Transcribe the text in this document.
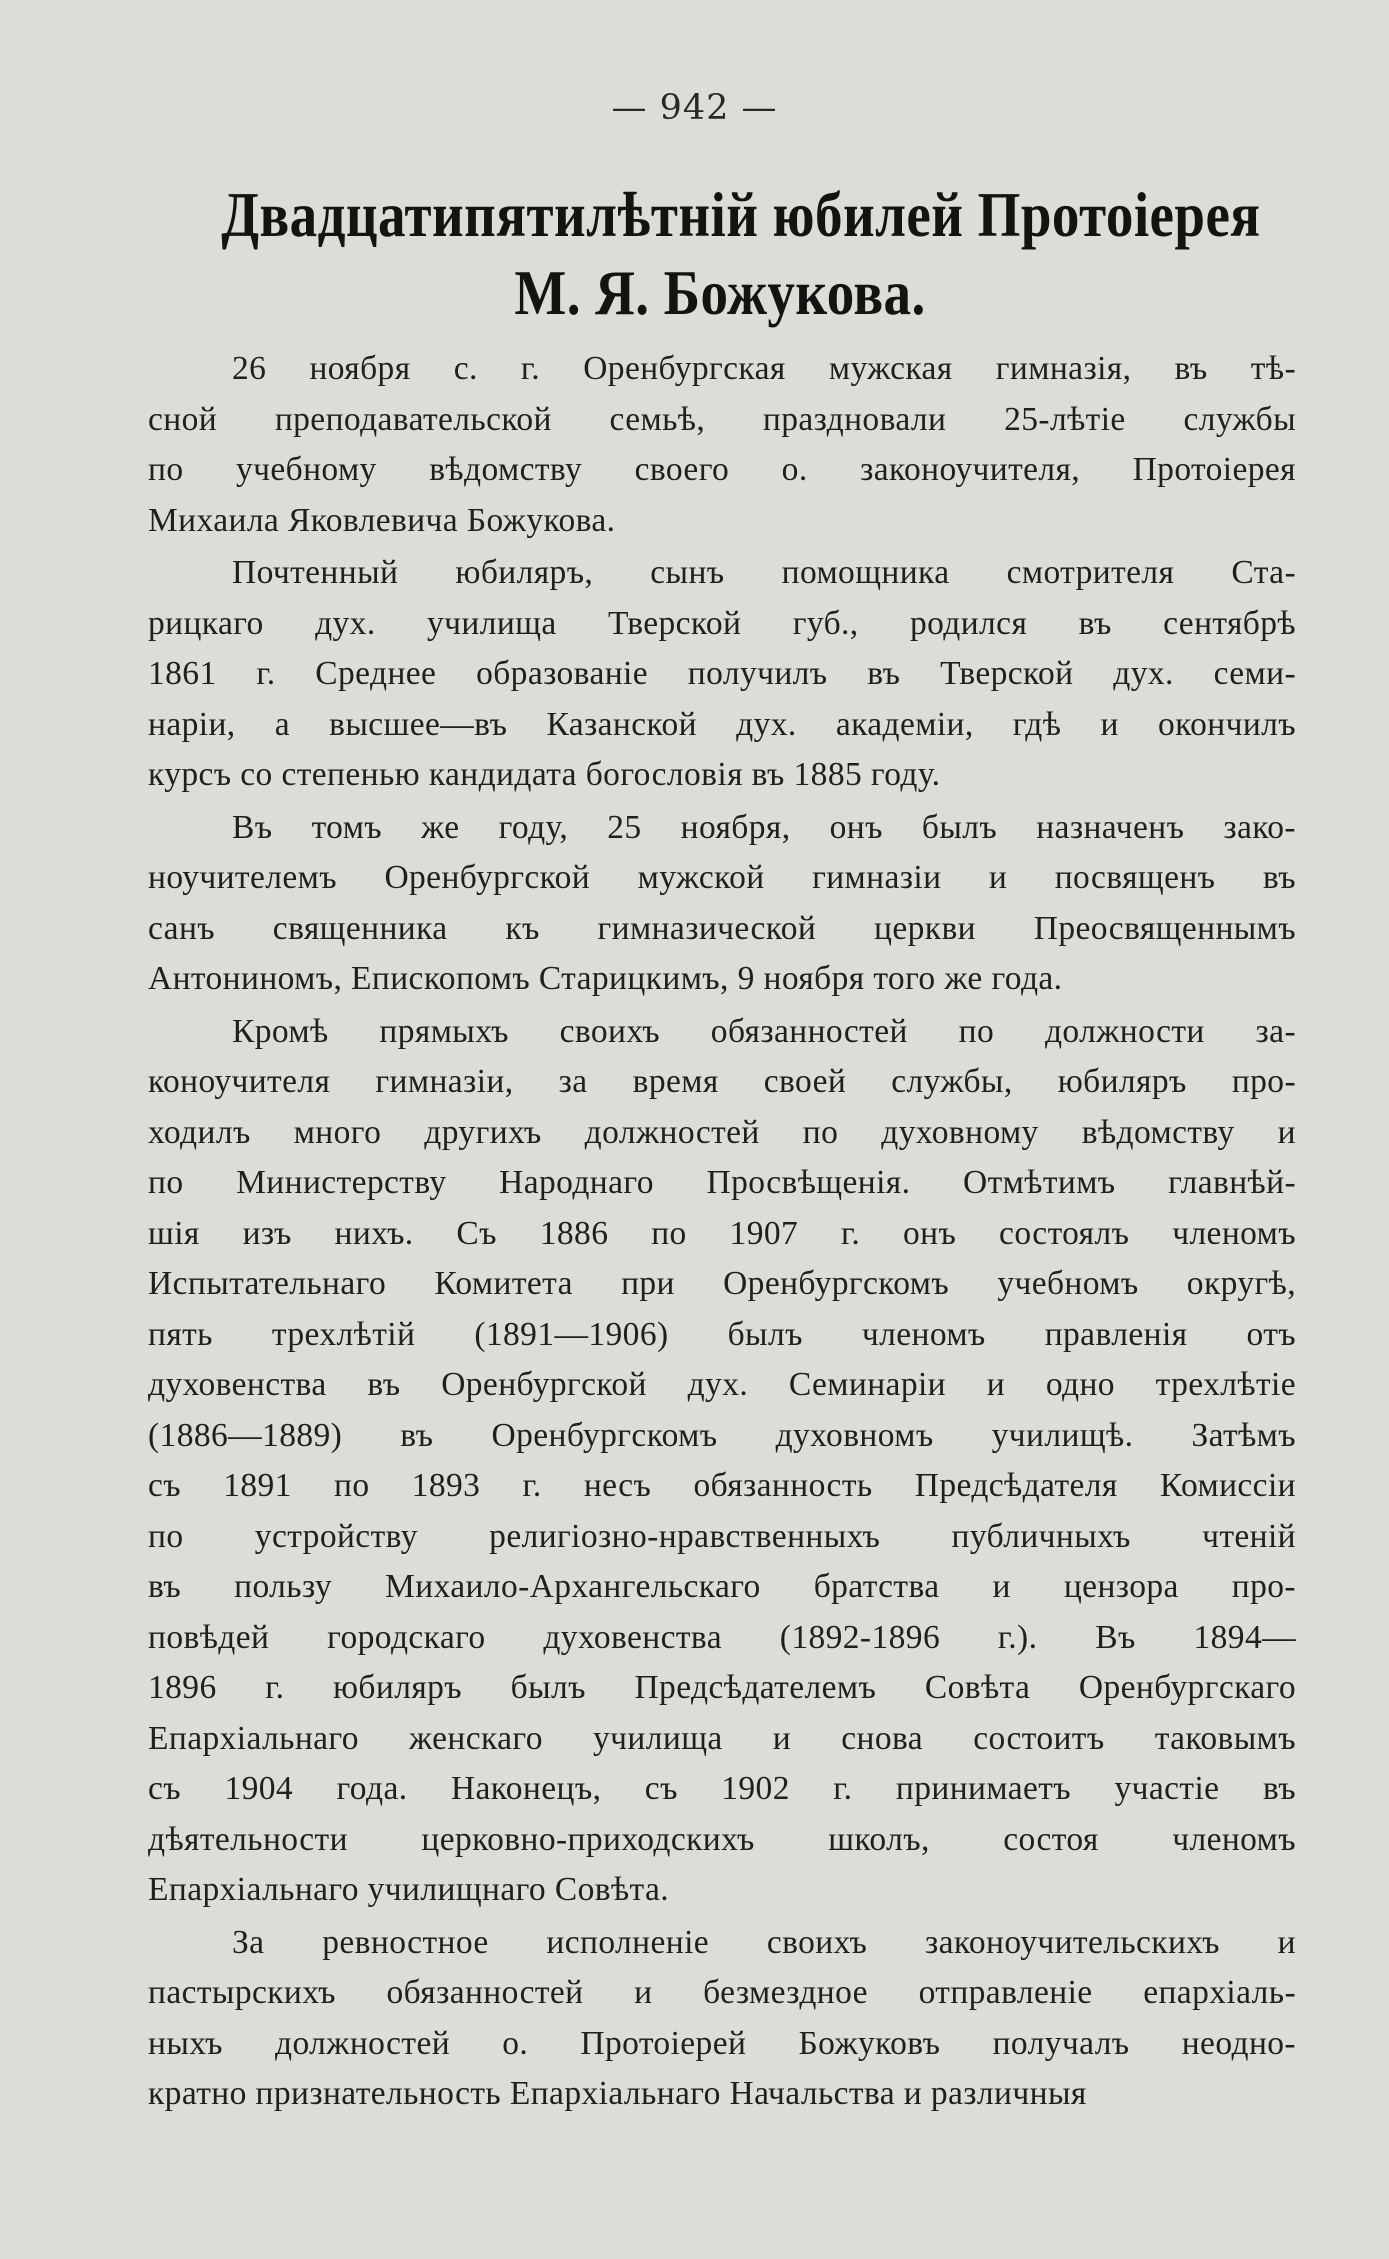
— 942 —
Двадцатипятилѣтній юбилей Протоіерея
М. Я. Божукова.
26 ноября с. г. Оренбургская мужская гимназія, въ тѣ-
сной преподавательской семьѣ, праздновали 25-лѣтіе службы
по учебному вѣдомству своего о. законоучителя, Протоіерея
Михаила Яковлевича Божукова.
Почтенный юбиляръ, сынъ помощника смотрителя Ста-
рицкаго дух. училища Тверской губ., родился въ сентябрѣ
1861 г. Среднее образованіе получилъ въ Тверской дух. семи-
наріи, а высшее—въ Казанской дух. академіи, гдѣ и окончилъ
курсъ со степенью кандидата богословія въ 1885 году.
Въ томъ же году, 25 ноября, онъ былъ назначенъ зако-
ноучителемъ Оренбургской мужской гимназіи и посвященъ въ
санъ священника къ гимназической церкви Преосвященнымъ
Антониномъ, Епископомъ Старицкимъ, 9 ноября того же года.
Кромѣ прямыхъ своихъ обязанностей по должности за-
коноучителя гимназіи, за время своей службы, юбиляръ про-
ходилъ много другихъ должностей по духовному вѣдомству и
по Министерству Народнаго Просвѣщенія. Отмѣтимъ главнѣй-
шія изъ нихъ. Съ 1886 по 1907 г. онъ состоялъ членомъ
Испытательнаго Комитета при Оренбургскомъ учебномъ округѣ,
пять трехлѣтій (1891—1906) былъ членомъ правленія отъ
духовенства въ Оренбургской дух. Семинаріи и одно трехлѣтіе
(1886—1889) въ Оренбургскомъ духовномъ училищѣ. Затѣмъ
съ 1891 по 1893 г. несъ обязанность Предсѣдателя Комиссіи
по устройству религіозно-нравственныхъ публичныхъ чтеній
въ пользу Михаило-Архангельскаго братства и цензора про-
повѣдей городскаго духовенства (1892-1896 г.). Въ 1894—
1896 г. юбиляръ былъ Предсѣдателемъ Совѣта Оренбургскаго
Епархіальнаго женскаго училища и снова состоитъ таковымъ
съ 1904 года. Наконецъ, съ 1902 г. принимаетъ участіе въ
дѣятельности церковно-приходскихъ школъ, состоя членомъ
Епархіальнаго училищнаго Совѣта.
За ревностное исполненіе своихъ законоучительскихъ и
пастырскихъ обязанностей и безмездное отправленіе епархіаль-
ныхъ должностей о. Протоіерей Божуковъ получалъ неодно-
кратно признательность Епархіальнаго Начальства и различныя
